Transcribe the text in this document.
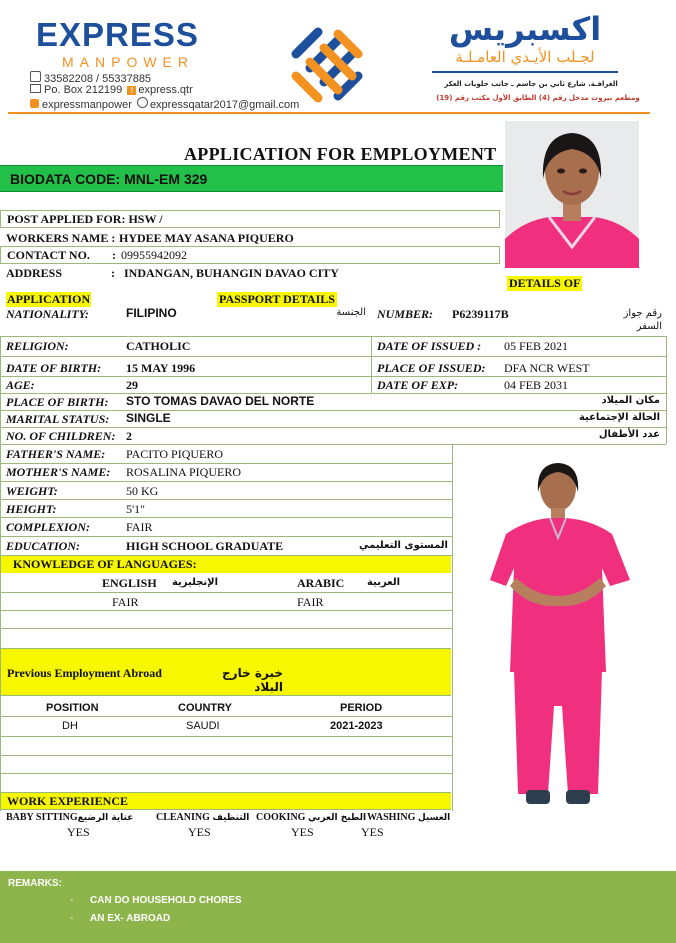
EXPRESS
MANPOWER
33582208 / 55337885
Po. Box 212199 f express.qtr
expressmanpower expressqatar2017@gmail.com
اكسبريس
لجـلب الأيـدي العامـلـة
الغرافـة. شارع ثاني بن جاسم ـ جانب حلويات العكر
ومطعم بيروت مدخل رقم (4) الطابق الأول مكتب رقم (19)
APPLICATION FOR EMPLOYMENT
BIODATA CODE: MNL-EM 329
POST APPLIED FOR: HSW /
WORKERS NAME : HYDEE MAY ASANA PIQUERO
CONTACT NO. : 09955942092
ADDRESS	: INDANGAN, BUHANGIN DAVAO CITY
DETAILS OF
APPLICATION	PASSPORT DETAILS
NATIONALITY:	FILIPINO	الجنسة NUMBER: P6239117B	رقم جواز السفر
RELIGION:	CATHOLIC	DATE OF ISSUED : 05 FEB 2021
DATE OF BIRTH: 15 MAY 1996	PLACE OF ISSUED: DFA NCR WEST
AGE:	29	DATE OF EXP:	04 FEB 2031
PLACE OF BIRTH: STO TOMAS DAVAO DEL NORTE	مكان الميلاد
MARITAL STATUS: SINGLE	الحالة الإجتماعية
NO. OF CHILDREN: 2	عدد الأطفال
FATHER'S NAME: PACITO PIQUERO
MOTHER'S NAME: ROSALINA PIQUERO
WEIGHT:	50 KG
HEIGHT:	5'1"
COMPLEXION:	FAIR
EDUCATION:	HIGH SCHOOL GRADUATE	المستوى التعليمي
KNOWLEDGE OF LANGUAGES:
ENGLISH	الإنجليزية	ARABIC	العربية
FAIR	FAIR
Previous Employment Abroad	خبرة خارج البلاد
POSITION	COUNTRY	PERIOD
DH	SAUDI	2021-2023
WORK EXPERIENCE
BABY SITTINGعناية الرضيع
YES
CLEANING التنظيف
YES
COOKING الطبخ العربي
YES
WASHING الغسيل
YES
REMARKS:
- CAN DO HOUSEHOLD CHORES
- AN EX- ABROAD
